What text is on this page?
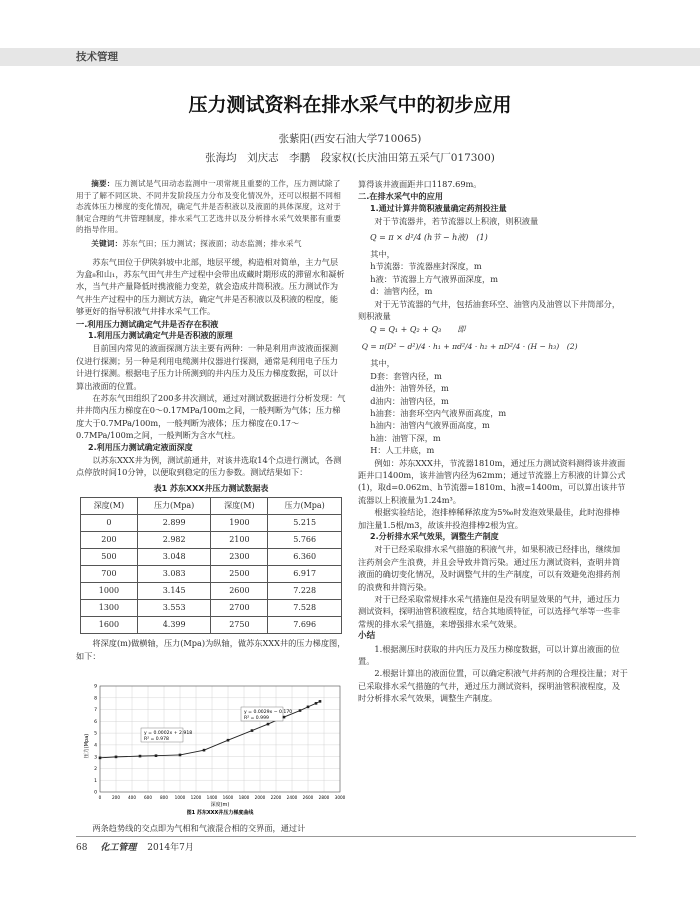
技术管理
压力测试资料在排水采气中的初步应用
张紫阳(西安石油大学710065)
张海均　刘庆志　李鹏　段家权(长庆油田第五采气厂017300)

摘要：压力测试是气田动态监测中一项常规且重要的工作，压力测试除了用于了解不同区块、不同井发阶段压力分布及变化情况外，还可以根据不同相态流体压力梯度的变化情况，确定气井是否积液以及液面的具体深度，这对于制定合理的气井管理制度，排水采气工艺选井以及分析排水采气效果都有重要的指导作用。

关键词：苏东气田；压力测试；探液面；动态监测；排水采气

苏东气田位于伊陕斜坡中北部，地层平缓，构造相对简单，主力气层为盒₈和山₁，苏东气田气井生产过程中会带出成藏时期形成的滞留水和凝析水，当气井产量降低时携液能力变差，就会造成井筒积液。压力测试作为气井生产过程中的压力测试方法，确定气井是否积液以及积液的程度，能够更好的指导积液气井排水采气工作。

一.利用压力测试确定气井是否存在积液
1.利用压力测试确定气井是否积液的原理

目前国内常见的液面探测方法主要有两种：一种是利用声波液面探测仪进行探测；另一种是利用电缆测井仪器进行探测，通常是利用电子压力计进行探测。根据电子压力计所测到的井内压力及压力梯度数据，可以计算出液面的位置。

在苏东气田组织了200多井次测试，通过对测试数据进行分析发现：气井井筒内压力梯度在0～0.17MPa/100m之间，一般判断为气体；压力梯度大于0.7MPa/100m，一般判断为液体；压力梯度在0.17～0.7MPa/100m之间，一般判断为含水气柱。

2.利用压力测试确定液面深度

以苏东XXX井为例，测试前通井，对该井选取14个点进行测试，各测点停放时间10分钟，以便取到稳定的压力参数。测试结果如下：

表1 苏东XXX井压力测试数据表
深度(M)	压力(Mpa)	深度(M)	压力(Mpa)
0	2.899	1900	5.215
200	2.982	2100	5.766
500	3.048	2300	6.360
700	3.083	2500	6.917
1000	3.145	2600	7.228
1300	3.553	2700	7.528
1600	4.399	2750	7.696

将深度(m)做横轴，压力(Mpa)为纵轴，做苏东XXX井的压力梯度图，如下：

0
1
2
3
4
5
6
7
8
9
0	200 400 600 800 1000 1200 1400 1600 1800 2000 2200 2400 2600 2800 3000
y = 0.0002x + 2.918
R² = 0.978
y = 0.0029x − 0.170
R² = 0.999
深度(m)
图1 苏东XXX井压力梯度曲线
压力(Mpa)

两条趋势线的交点即为气相和气液混合相的交界面，通过计

算得该井液面距井口1187.69m。

二.在排水采气中的应用
1.通过计算井筒积液量确定药剂投注量

对于节流器井，若节流器以上积液，则积液量

Q = π × d²/4 (h节 − h液)　(1)
其中，
h节流器：节流器座封深度，m
h液：节流器上方气液界面深度，m
d：油管内径，m

对于无节流器的气井，包括油套环空、油管内及油管以下井筒部分，则积液量

Q = Q₁ + Q₂ + Q₃　　即
Q = π(D² − d²)/4 · h₁ + πd²/4 · h₂ + πD²/4 · (H − h₃)　(2)
其中，
D套：套管内径，m
d油外：油管外径，m
d油内：油管内径，m
h油套：油套环空内气液界面高度，m
h油内：油管内气液界面高度，m
h油：油管下深，m
H：人工井底，m

例如：苏东XXX井，节流器1810m，通过压力测试资料测得该井液面距井口1400m，该井油管内径为62mm；通过节流器上方积液的计算公式(1)，取d=0.062m、h节流器=1810m、h液=1400m，可以算出该井节流器以上积液量为1.24m³。

根据实验结论，泡排棒稀释浓度为5‰时发泡效果最佳，此时泡排棒加注量1.5根/m3，故该井投泡排棒2根为宜。

2.分析排水采气效果，调整生产制度

对于已经采取排水采气措施的积液气井，如果积液已经排出，继续加注药剂会产生浪费，并且会导致井筒污染。通过压力测试资料，查明井筒液面的确切变化情况，及时调整气井的生产制度，可以有效避免泡排药剂的浪费和井筒污染。

对于已经采取常规排水采气措施但是没有明显效果的气井，通过压力测试资料，探明油管积液程度，结合其地质特征，可以选择气举等一些非常规的排水采气措施，来增强排水采气效果。

小结

1.根据测压时获取的井内压力及压力梯度数据，可以计算出液面的位置。

2.根据计算出的液面位置，可以确定积液气井药剂的合理投注量；对于已采取排水采气措施的气井，通过压力测试资料，探明油管积液程度，及时分析排水采气效果，调整生产制度。

68 化工管理 2014年7月
